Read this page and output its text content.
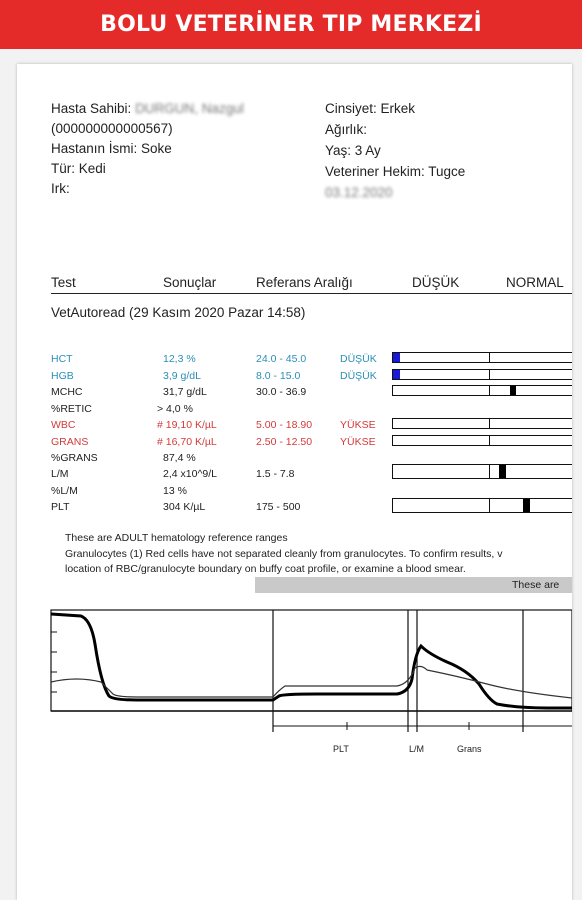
BOLU VETERİNER TIP MERKEZİ
Hasta Sahibi: DURGUN, Nazgul
(000000000000567)
Hastanın İsmi: Soke
Tür: Kedi
Irk:
Cinsiyet: Erkek
Ağırlık:
Yaş: 3 Ay
Veteriner Hekim: Tugce
03.12.2020
Test	Sonuçlar	Referans Aralığı	DÜŞÜK	NORMAL
VetAutoread (29 Kasım 2020 Pazar 14:58)
HCT	12,3 %	24.0 - 45.0	DÜŞÜK
HGB	3,9 g/dL	8.0 - 15.0	DÜŞÜK
MCHC	31,7 g/dL	30.0 - 36.9
%RETIC	> 4,0 %
WBC	# 19,10 K/µL	5.00 - 18.90	YÜKSE
GRANS	# 16,70 K/µL	2.50 - 12.50	YÜKSE
%GRANS	87,4 %
L/M	2,4 x10^9/L	1.5 - 7.8
%L/M	13 %
PLT	304 K/µL	175 - 500
These are ADULT hematology reference ranges
Granulocytes (1) Red cells have not separated cleanly from granulocytes. To confirm results, v
location of RBC/granulocyte boundary on buffy coat profile, or examine a blood smear.
These are
PLT	L/M	Grans
